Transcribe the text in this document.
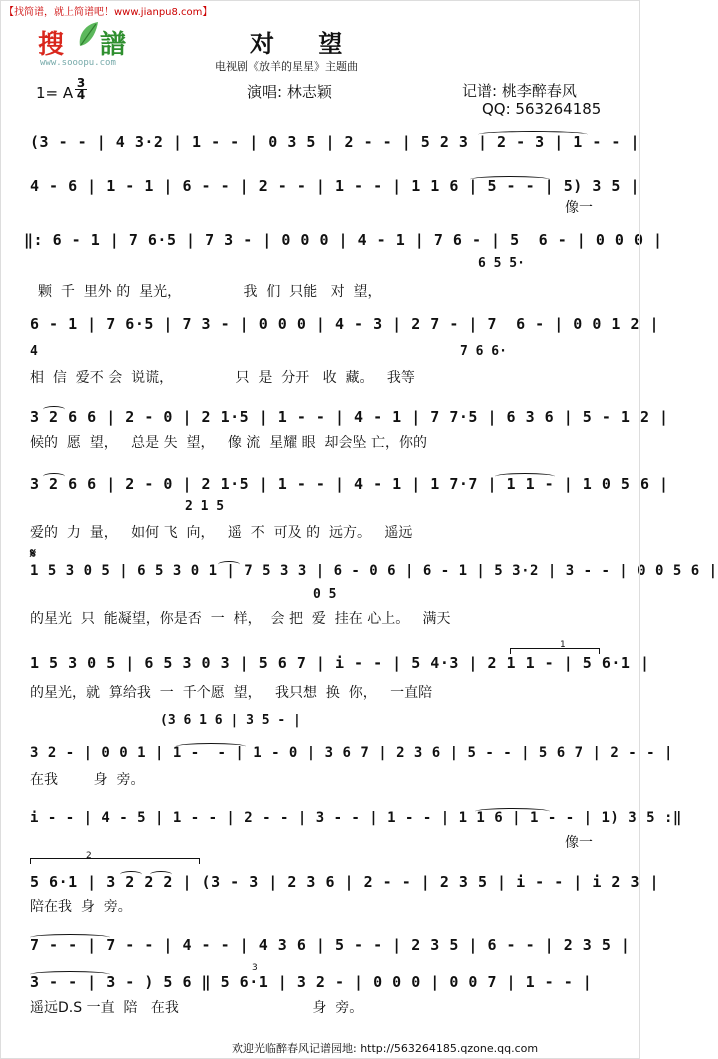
【找简谱，就上简谱吧！www.jianpu8.com】
搜 譜
www.sooopu.com
对 望
电视剧《放羊的星星》主题曲
1= A
3
4	演唱: 林志颖	记谱: 桃李醉春风
QQ: 563264185
(3 - - | 4 3·2 | 1 - - | 0 3 5 | 2 - - | 5 2 3 | 2 - 3 | 1 - - |
4 - 6 | 1 - 1 | 6 - - | 2 - - | 1 - - | 1 1 6 | 5 - - | 5) 3 5 |
像一
‖: 6 - 1 | 7 6·5 | 7 3 - | 0 0 0 | 4 - 1 | 7 6 - | 5  6 - | 0 0 0 |
6 5 5·
颗  千  里外 的  星光，              我  们  只能   对  望，
6 - 1 | 7 6·5 | 7 3 - | 0 0 0 | 4 - 3 | 2 7 - | 7  6 - | 0 0 1 2 |
4	7 6 6·
相  信  爱不 会  说谎，              只  是  分开   收  藏。   我等
3 2 6 6 | 2 - 0 | 2 1·5 | 1 - - | 4 - 1 | 7 7·5 | 6 3 6 | 5 - 1 2 |
候的  愿  望，   总是 失  望，   像 流  星耀 眼  却会坠 亡，你的
3 2 6 6 | 2 - 0 | 2 1·5 | 1 - - | 4 - 1 | 1 7·7 | 1 1 - | 1 0 5 6 |
2 1 5
爱的  力  量，   如何 飞  向，   遥  不  可及 的  远方。   遥远
𝄋
1 5 3 0 5 | 6 5 3 0 1 | 7 5 3 3 | 6 - 0 6 | 6 - 1 | 5 3·2 | 3 - - | 0 0 5 6 |
0 5
的星光  只  能凝望，你是否  一  样，  会 把  爱  挂在 心上。   满天
1
1 5 3 0 5 | 6 5 3 0 3 | 5 6 7 | i - - | 5 4·3 | 2 1 1 - | 5 6·1 |
的星光，就  算给我  一  千个愿  望，   我只想  换  你，   一直陪
(3 6 1 6 | 3 5 - |
3 2 - | 0 0 1 | 1 -  - | 1 - 0 | 3 6 7 | 2 3 6 | 5 - - | 5 6 7 | 2 - - |
在我        身  旁。
i - - | 4 - 5 | 1 - - | 2 - - | 3 - - | 1 - - | 1 1 6 | 1 - - | 1) 3 5 :‖
像一
2
5 6·1 | 3 2 2 2 | (3 - 3 | 2 3 6 | 2 - - | 2 3 5 | i - - | i 2 3 |
陪在我  身  旁。
7 - - | 7 - - | 4 - - | 4 3 6 | 5 - - | 2 3 5 | 6 - - | 2 3 5 |
3
3 - - | 3 - ) 5 6 ‖ 5 6·1 | 3 2 - | 0 0 0 | 0 0 7 | 1 - - |
遥远D.S 一直  陪   在我                              身  旁。
欢迎光临醉春风记谱园地: http://563264185.qzone.qq.com
